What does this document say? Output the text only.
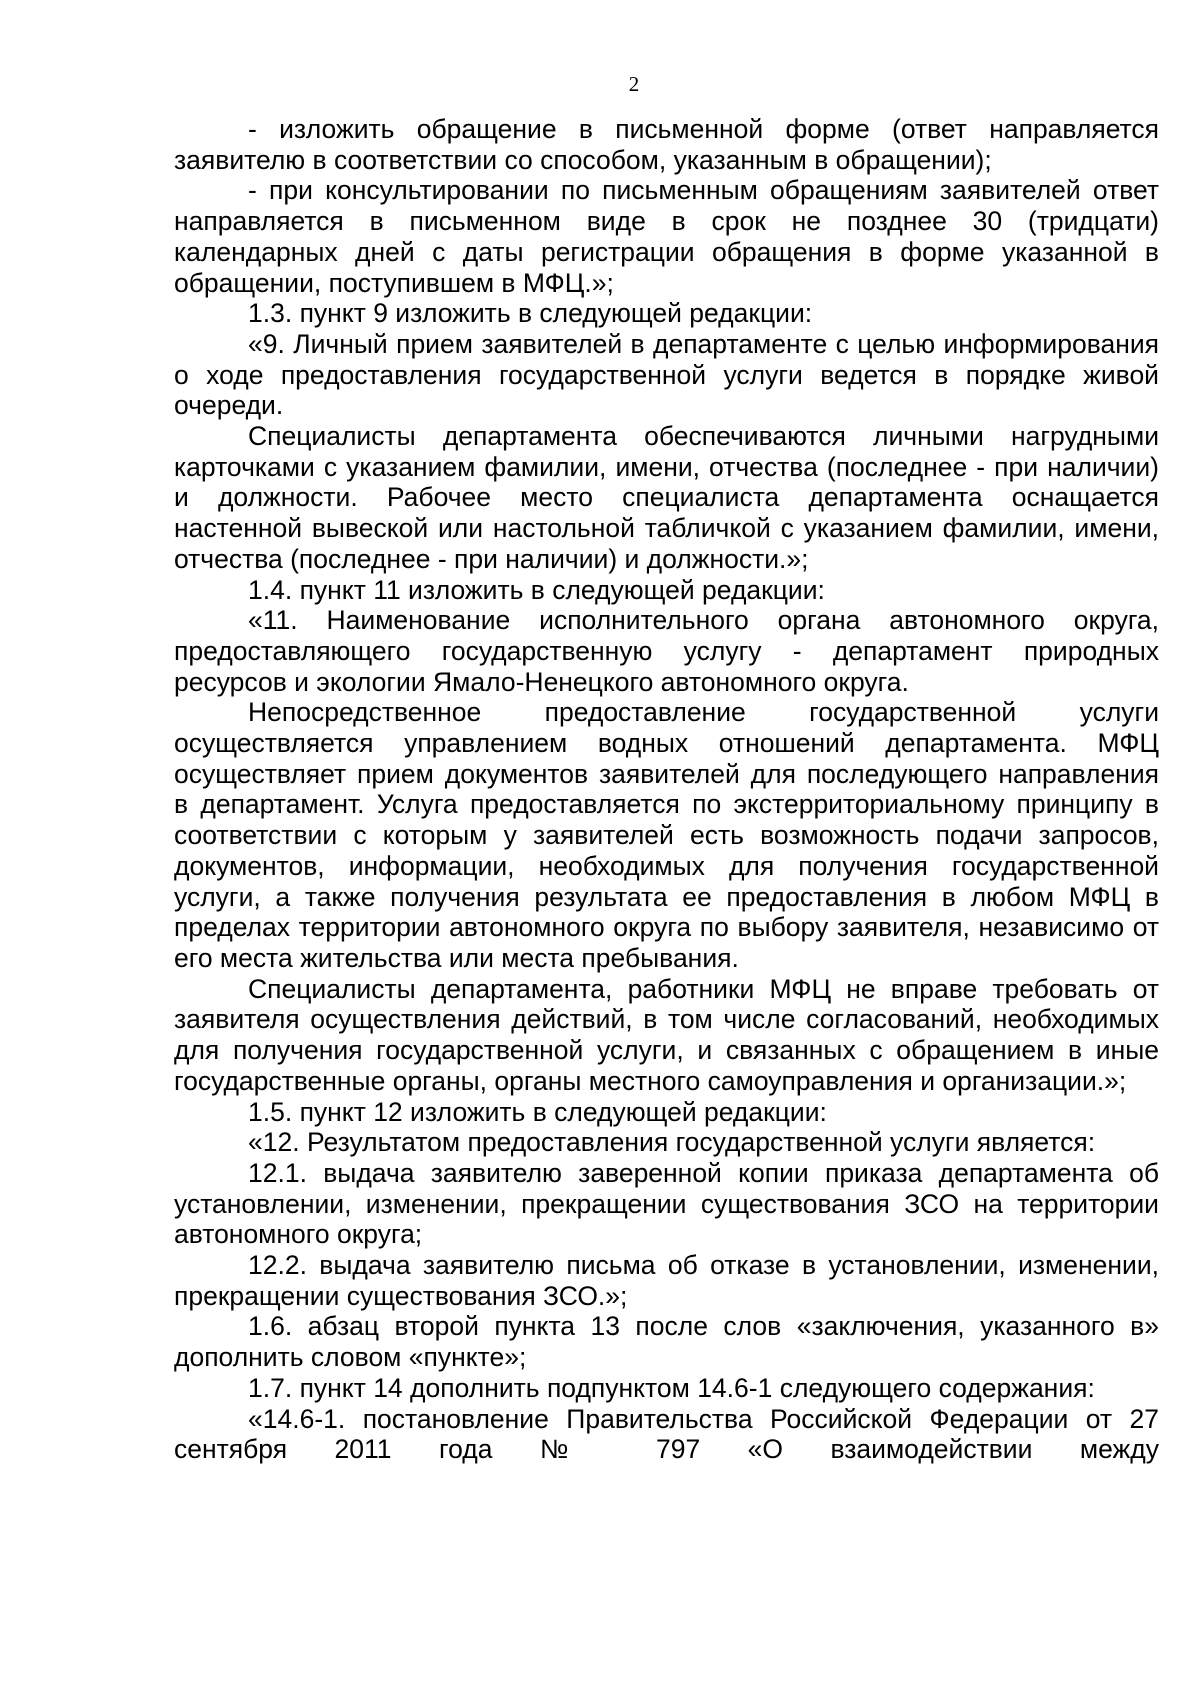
2

- изложить обращение в письменной форме (ответ направляется заявителю в соответствии со способом, указанным в обращении);

- при консультировании по письменным обращениям заявителей ответ направляется в письменном виде в срок не позднее 30 (тридцати) календарных дней с даты регистрации обращения в форме указанной в обращении, поступившем в МФЦ.»;

1.3. пункт 9 изложить в следующей редакции:

«9. Личный прием заявителей в департаменте с целью информирования о ходе предоставления государственной услуги ведется в порядке живой очереди.

Специалисты департамента обеспечиваются личными нагрудными карточками с указанием фамилии, имени, отчества (последнее - при наличии) и должности. Рабочее место специалиста департамента оснащается настенной вывеской или настольной табличкой с указанием фамилии, имени, отчества (последнее - при наличии) и должности.»;

1.4. пункт 11 изложить в следующей редакции:

«11. Наименование исполнительного органа автономного округа, предоставляющего государственную услугу - департамент природных ресурсов и экологии Ямало-Ненецкого автономного округа.

Непосредственное предоставление государственной услуги осуществляется управлением водных отношений департамента. МФЦ осуществляет прием документов заявителей для последующего направления в департамент. Услуга предоставляется по экстерриториальному принципу в соответствии с которым у заявителей есть возможность подачи запросов, документов, информации, необходимых для получения государственной услуги, а также получения результата ее предоставления в любом МФЦ в пределах территории автономного округа по выбору заявителя, независимо от его места жительства или места пребывания.

Специалисты департамента, работники МФЦ не вправе требовать от заявителя осуществления действий, в том числе согласований, необходимых для получения государственной услуги, и связанных с обращением в иные государственные органы, органы местного самоуправления и организации.»;

1.5. пункт 12 изложить в следующей редакции:

«12. Результатом предоставления государственной услуги является:

12.1. выдача заявителю заверенной копии приказа департамента об установлении, изменении, прекращении существования ЗСО на территории автономного округа;

12.2. выдача заявителю письма об отказе в установлении, изменении, прекращении существования ЗСО.»;

1.6. абзац второй пункта 13 после слов «заключения, указанного в» дополнить словом «пункте»;

1.7. пункт 14 дополнить подпунктом 14.6-1 следующего содержания:

«14.6-1. постановление Правительства Российской Федерации от 27 сентября 2011 года № 797 «О взаимодействии между
